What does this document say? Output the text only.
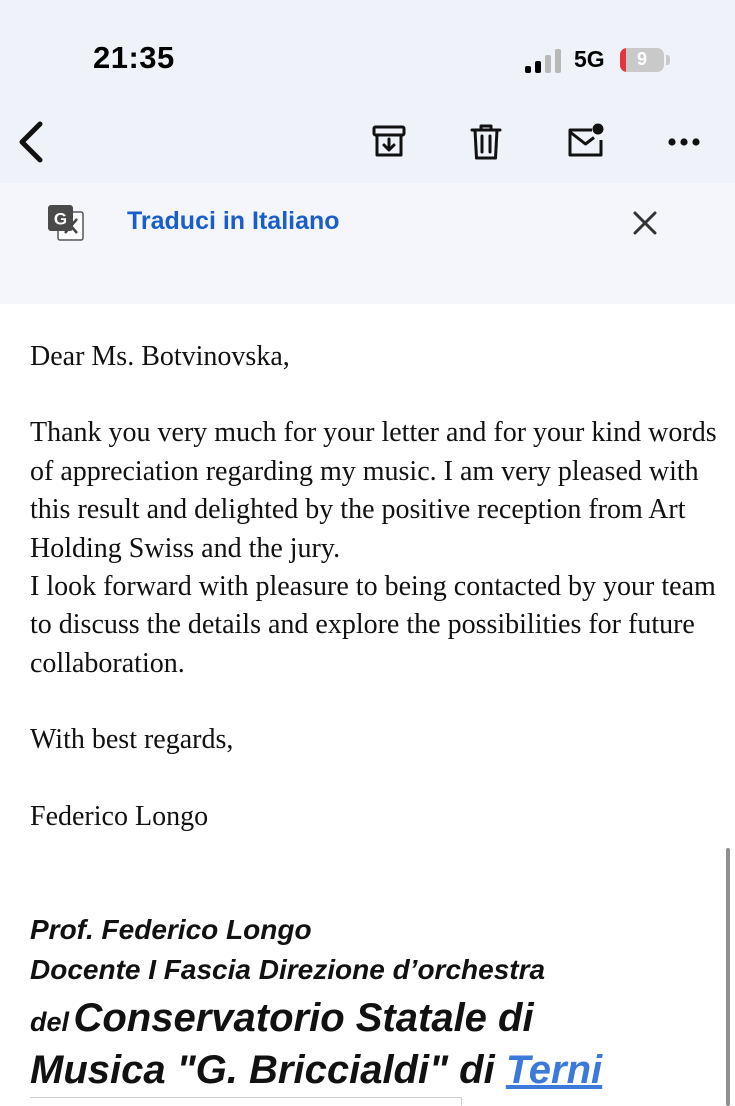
21:35	5G	9
G Traduci in Italiano

Dear Ms. Botvinovska,

Thank you very much for your letter and for your kind words of appreciation regarding my music. I am very pleased with this result and delighted by the positive reception from Art Holding Swiss and the jury.

I look forward with pleasure to being contacted by your team to discuss the details and explore the possibilities for future collaboration.

With best regards,

Federico Longo

Prof. Federico Longo
Docente I Fascia Direzione d’orchestra
del Conservatorio Statale di
Musica "G. Briccialdi" di Terni
